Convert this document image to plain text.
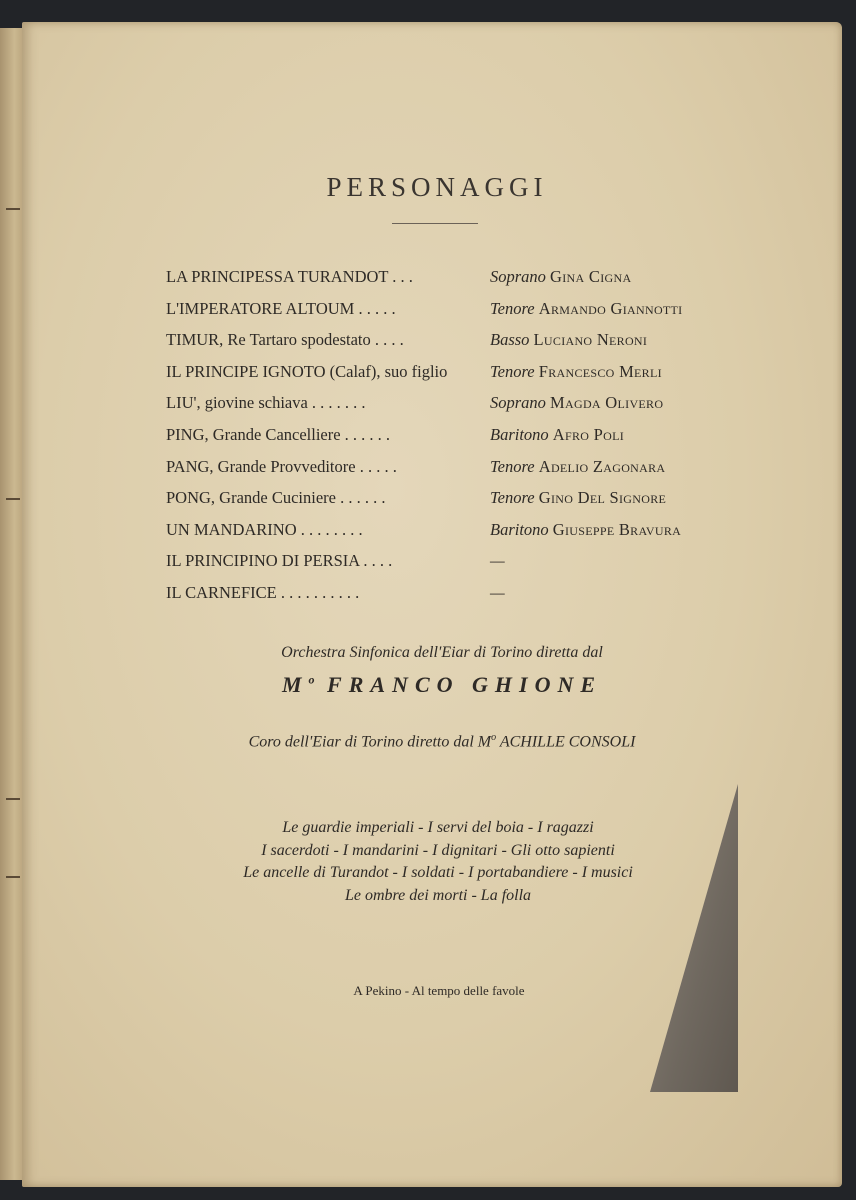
PERSONAGGI
LA PRINCIPESSA TURANDOT . . .	Soprano Gina Cigna
L'IMPERATORE ALTOUM . . . . .	Tenore Armando Giannotti
TIMUR, Re Tartaro spodestato . . . .	Basso Luciano Neroni
IL PRINCIPE IGNOTO (Calaf), suo figlio	Tenore Francesco Merli
LIU', giovine schiava . . . . . . .	Soprano Magda Olivero
PING, Grande Cancelliere . . . . . .	Baritono Afro Poli
PANG, Grande Provveditore . . . . .	Tenore Adelio Zagonara
PONG, Grande Cuciniere . . . . . .	Tenore Gino Del Signore
UN MANDARINO . . . . . . . .	Baritono Giuseppe Bravura
IL PRINCIPINO DI PERSIA . . . .	—
IL CARNEFICE . . . . . . . . . .	—
Orchestra Sinfonica dell'Eiar di Torino diretta dal
$M^o$ FRANCO GHIONE
Coro dell'Eiar di Torino diretto dal $M^o$ ACHILLE CONSOLI
Le guardie imperiali - I servi del boia - I ragazzi
I sacerdoti - I mandarini - I dignitari - Gli otto sapienti
Le ancelle di Turandot - I soldati - I portabandiere - I musici
Le ombre dei morti - La folla
A Pekino - Al tempo delle favole
